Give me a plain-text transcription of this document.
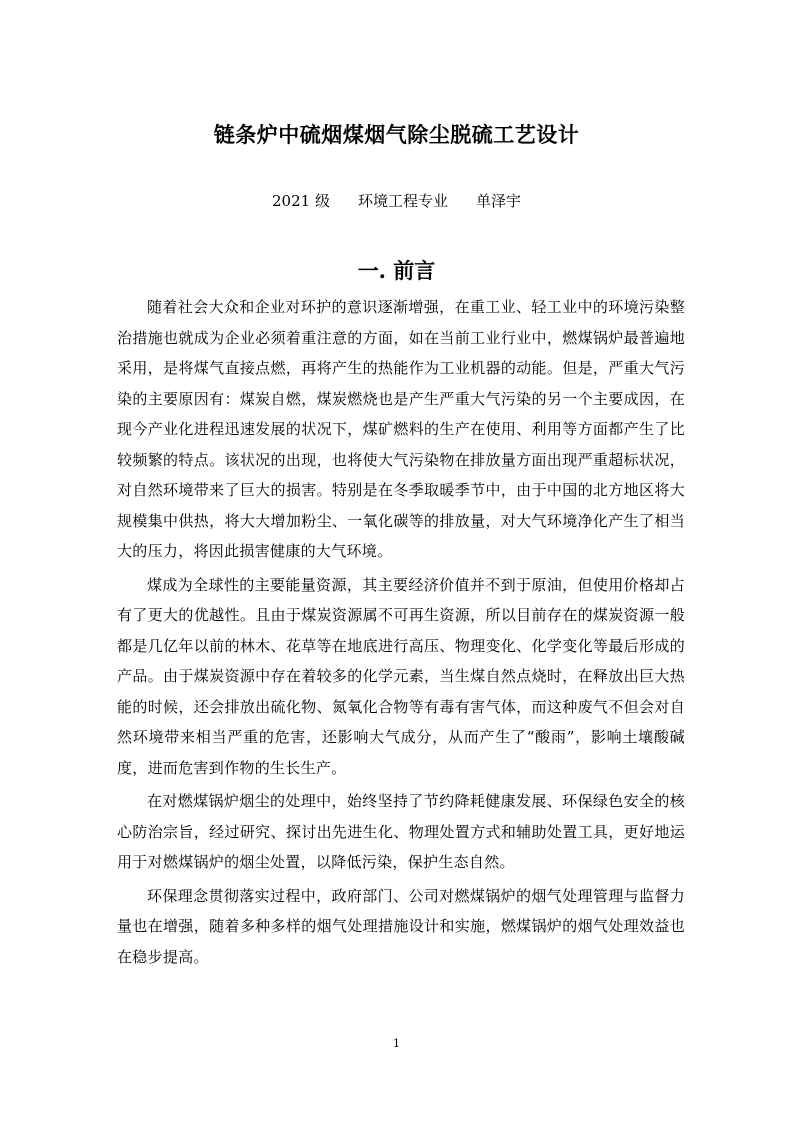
链条炉中硫烟煤烟气除尘脱硫工艺设计
2021 级 环境工程专业 单泽宇
一. 前言

随着社会大众和企业对环护的意识逐渐增强，在重工业、轻工业中的环境污染整治措施也就成为企业必须着重注意的方面，如在当前工业行业中，燃煤锅炉最普遍地采用，是将煤气直接点燃，再将产生的热能作为工业机器的动能。但是，严重大气污染的主要原因有：煤炭自燃，煤炭燃烧也是产生严重大气污染的另一个主要成因，在现今产业化进程迅速发展的状况下，煤矿燃料的生产在使用、利用等方面都产生了比较频繁的特点。该状况的出现，也将使大气污染物在排放量方面出现严重超标状况，对自然环境带来了巨大的损害。特别是在冬季取暖季节中，由于中国的北方地区将大规模集中供热，将大大增加粉尘、一氧化碳等的排放量，对大气环境净化产生了相当大的压力，将因此损害健康的大气环境。

煤成为全球性的主要能量资源，其主要经济价值并不到于原油，但使用价格却占有了更大的优越性。且由于煤炭资源属不可再生资源，所以目前存在的煤炭资源一般都是几亿年以前的林木、花草等在地底进行高压、物理变化、化学变化等最后形成的产品。由于煤炭资源中存在着较多的化学元素，当生煤自然点烧时，在释放出巨大热能的时候，还会排放出硫化物、氮氧化合物等有毒有害气体，而这种废气不但会对自然环境带来相当严重的危害，还影响大气成分，从而产生了“酸雨”，影响土壤酸碱度，进而危害到作物的生长生产。

在对燃煤锅炉烟尘的处理中，始终坚持了节约降耗健康发展、环保绿色安全的核心防治宗旨，经过研究、探讨出先进生化、物理处置方式和辅助处置工具，更好地运用于对燃煤锅炉的烟尘处置，以降低污染，保护生态自然。

环保理念贯彻落实过程中，政府部门、公司对燃煤锅炉的烟气处理管理与监督力量也在增强，随着多种多样的烟气处理措施设计和实施，燃煤锅炉的烟气处理效益也在稳步提高。

1
